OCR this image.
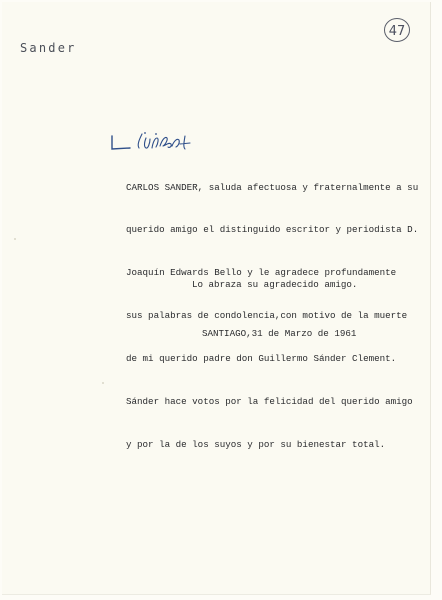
Sander
47

CARLOS SANDER, saluda afectuosa y fraternalmente a su

querido amigo el distinguido escritor y periodista D.

Joaquín Edwards Bello y le agradece profundamente

sus palabras de condolencia,con motivo de la muerte

de mi querido padre don Guillermo Sánder Clement.

Sánder hace votos por la felicidad del querido amigo

y por la de los suyos y por su bienestar total.

Lo abraza su agradecido amigo.
SANTIAGO,31 de Marzo de 1961
